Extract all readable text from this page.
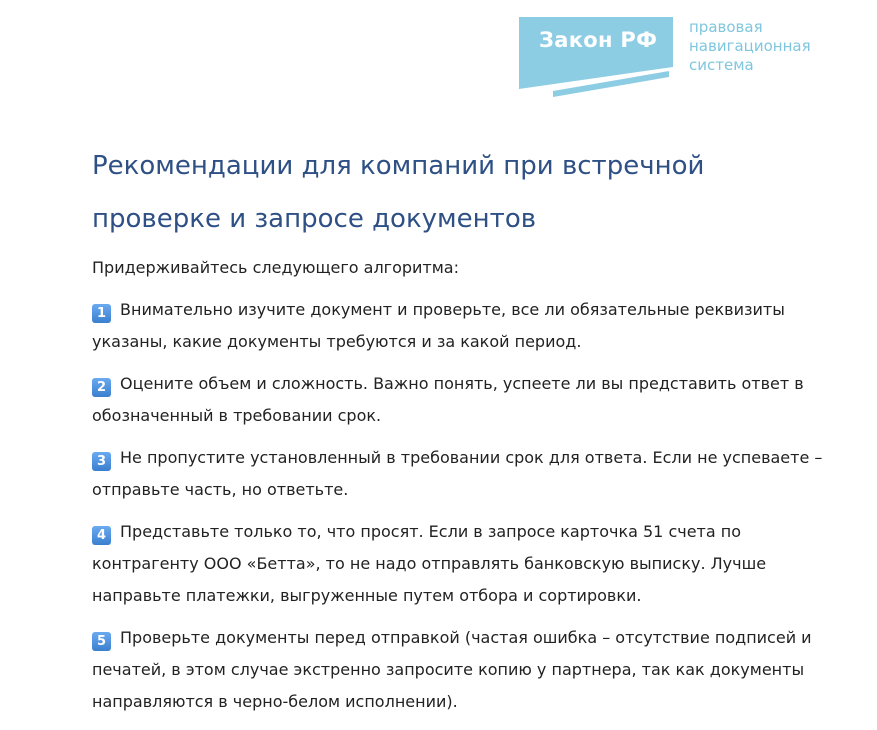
Закон РФ
правовая
навигационная
система
Рекомендации для компаний при встречной проверке и запросе документов

Придерживайтесь следующего алгоритма:

1 Внимательно изучите документ и проверьте, все ли обязательные реквизиты указаны, какие документы требуются и за какой период.

2 Оцените объем и сложность. Важно понять, успеете ли вы представить ответ в обозначенный в требовании срок.

3 Не пропустите установленный в требовании срок для ответа. Если не успеваете – отправьте часть, но ответьте.

4 Представьте только то, что просят. Если в запросе карточка 51 счета по контрагенту ООО «Бетта», то не надо отправлять банковскую выписку. Лучше направьте платежки, выгруженные путем отбора и сортировки.

5 Проверьте документы перед отправкой (частая ошибка – отсутствие подписей и печатей, в этом случае экстренно запросите копию у партнера, так как документы направляются в черно-белом исполнении).
